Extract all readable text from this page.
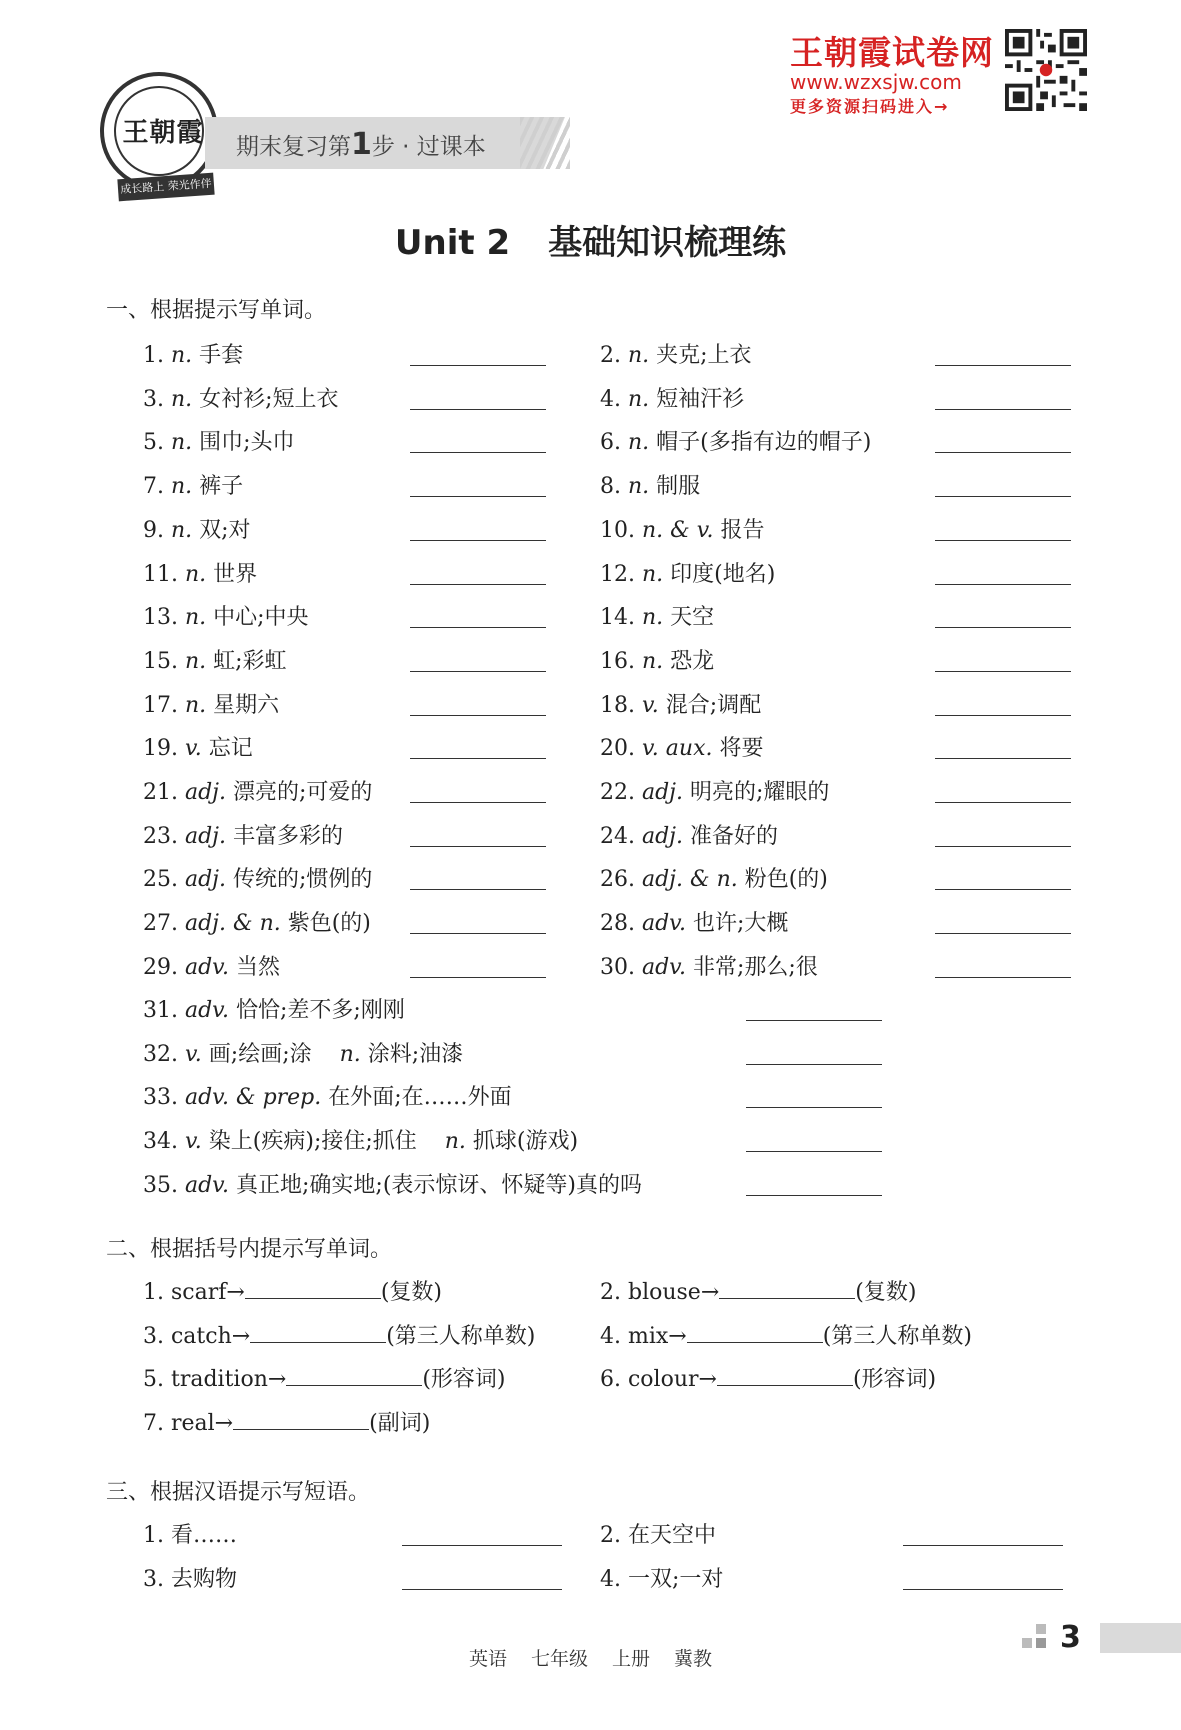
王朝霞
成长路上 荣光作伴
期末复习第1步 · 过课本
王朝霞试卷网
www.wzxsjw.com
更多资源扫码进入→
Unit 2 基础知识梳理练
一、根据提示写单词。
1. n. 手套	2. n. 夹克;上衣
3. n. 女衬衫;短上衣	4. n. 短袖汗衫
5. n. 围巾;头巾	6. n. 帽子(多指有边的帽子)
7. n. 裤子	8. n. 制服
9. n. 双;对	10. n. & v. 报告
11. n. 世界	12. n. 印度(地名)
13. n. 中心;中央	14. n. 天空
15. n. 虹;彩虹	16. n. 恐龙
17. n. 星期六	18. v. 混合;调配
19. v. 忘记	20. v. aux. 将要
21. adj. 漂亮的;可爱的	22. adj. 明亮的;耀眼的
23. adj. 丰富多彩的	24. adj. 准备好的
25. adj. 传统的;惯例的	26. adj. & n. 粉色(的)
27. adj. & n. 紫色(的)	28. adv. 也许;大概
29. adv. 当然	30. adv. 非常;那么;很
31. adv. 恰恰;差不多;刚刚
32. v. 画;绘画;涂 n. 涂料;油漆
33. adv. & prep. 在外面;在……外面
34. v. 染上(疾病);接住;抓住 n. 抓球(游戏)
35. adv. 真正地;确实地;(表示惊讶、怀疑等)真的吗
二、根据括号内提示写单词。
1. scarf→	(复数)	2. blouse→	(复数)
3. catch→	(第三人称单数)	4. mix→	(第三人称单数)
5. tradition→	(形容词)	6. colour→	(形容词)
7. real→	(副词)
三、根据汉语提示写短语。
1. 看……	2. 在天空中
3. 去购物	4. 一双;一对
英语 七年级 上册 冀教
3
